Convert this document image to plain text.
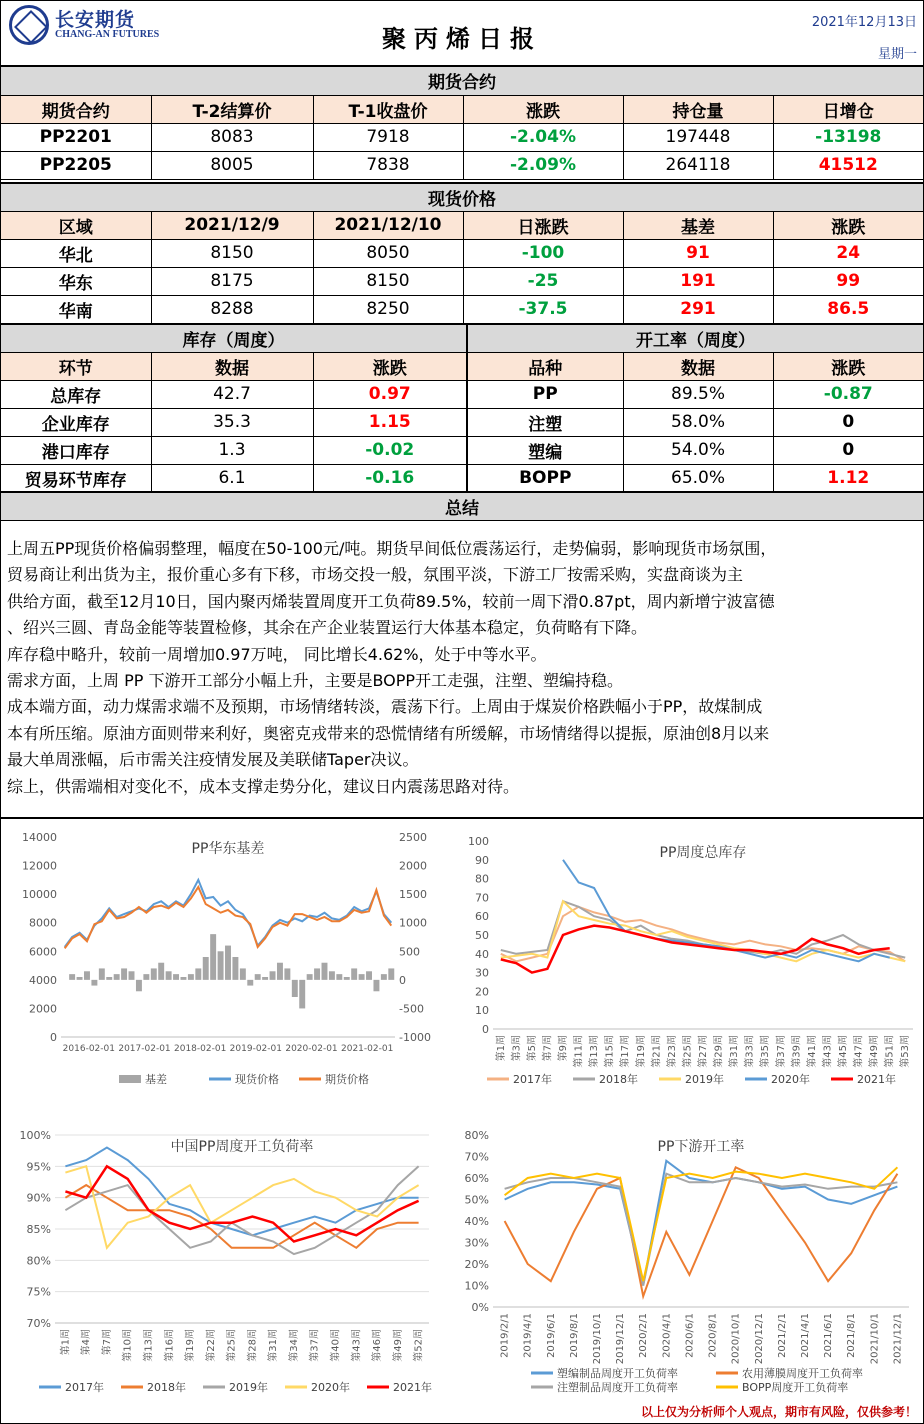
长安期货
CHANG-AN FUTURES	聚丙烯日报
2021年12月13日
星期一
期货合约					
期货合约	T-2结算价	T-1收盘价	涨跌	持仓量	日增仓
PP2201	8083	7918	-2.04%	197448	-13198
PP2205	8005	7838	-2.09%	264118	41512
现货价格					
区域	2021/12/9	2021/12/10	日涨跌	基差	涨跌
华北	8150	8050	-100	91	24
华东	8175	8150	-25	191	99
华南	8288	8250	-37.5	291	86.5
库存（周度）			开工率（周度）		
环节	数据	涨跌	品种	数据	涨跌
总库存	42.7	0.97	PP	89.5%	-0.87
企业库存	35.3	1.15	注塑	58.0%	0
港口库存	1.3	-0.02	塑编	54.0%	0
贸易环节库存	6.1	-0.16	BOPP	65.0%	1.12
总结

上周五PP现货价格偏弱整理，幅度在50-100元/吨。期货早间低位震荡运行，走势偏弱，影响现货市场氛围，

贸易商让利出货为主，报价重心多有下移，市场交投一般，氛围平淡，下游工厂按需采购，实盘商谈为主

供给方面，截至12月10日，国内聚丙烯装置周度开工负荷89.5%，较前一周下滑0.87pt，周内新增宁波富德

、绍兴三圆、青岛金能等装置检修，其余在产企业装置运行大体基本稳定，负荷略有下降。

库存稳中略升，较前一周增加0.97万吨， 同比增长4.62%，处于中等水平。

需求方面，上周 PP 下游开工部分小幅上升，主要是BOPP开工走强，注塑、塑编持稳。

成本端方面，动力煤需求端不及预期，市场情绪转淡，震荡下行。上周由于煤炭价格跌幅小于PP，故煤制成

本有所压缩。原油方面则带来利好，奥密克戎带来的恐慌情绪有所缓解，市场情绪得以提振，原油创8月以来

最大单周涨幅，后市需关注疫情发展及美联储Taper决议。

综上，供需端相对变化不，成本支撑走势分化，建议日内震荡思路对待。

PP华东基差
0
2000
4000
6000
8000
10000
12000
14000
-1000
-500
0
500
1000
1500
2000
2500
2016-02-01 2017-02-01 2018-02-01 2019-02-01 2020-02-01 2021-02-01
基差	现货价格	期货价格
PP周度总库存
0
10
20
30
40
50
60
70
80
90
100
第1周 第3周 第5周 第7周 第9周 第11周 第13周 第15周 第17周 第19周 第21周 第23周 第25周 第27周 第29周 第31周 第33周 第35周 第37周 第39周 第41周 第43周 第45周 第47周 第49周 第51周 第53周
2017年	2018年	2019年	2020年	2021年
中国PP周度开工负荷率
70%
75%
80%
85%
90%
95%
100%
第1周 第4周 第7周 第10周 第13周 第16周 第19周 第22周 第25周 第28周 第31周 第34周 第37周 第40周 第43周 第46周 第49周 第52周
2017年	2018年	2019年	2020年	2021年
PP下游开工率
0%
10%
20%
30%
40%
50%
60%
70%
80%
2019/2/1 2019/4/1 2019/6/1 2019/8/1 2019/10/1 2019/12/1 2020/2/1 2020/4/1 2020/6/1 2020/8/1 2020/10/1 2020/12/1 2021/2/1 2021/4/1 2021/6/1 2021/8/1 2021/10/1 2021/12/1
塑编制品周度开工负荷率	农用薄膜周度开工负荷率
注塑制品周度开工负荷率	BOPP周度开工负荷率
以上仅为分析师个人观点，期市有风险，仅供参考！
